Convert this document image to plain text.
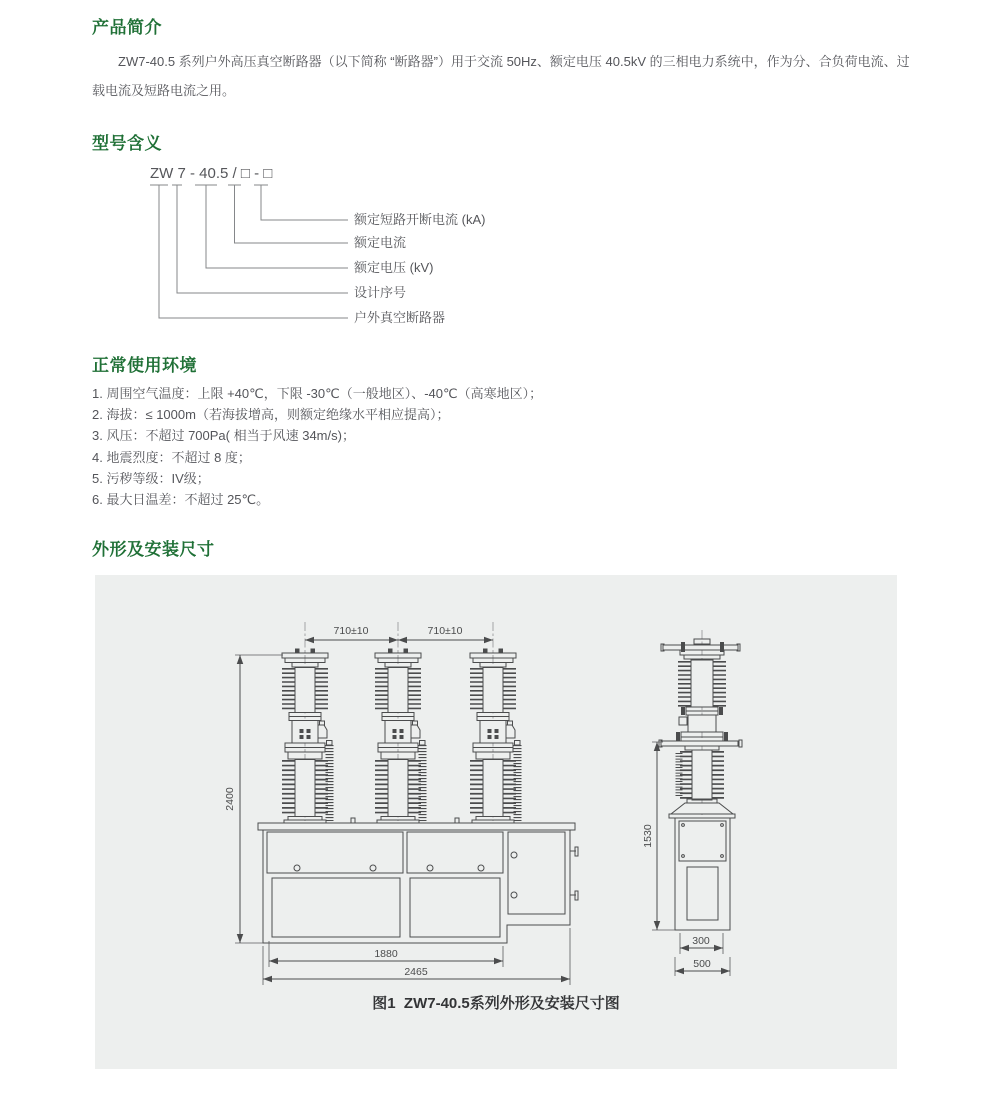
产品简介
ZW7-40.5 系列户外高压真空断路器（以下简称 “断路器”）用于交流 50Hz、额定电压 40.5kV 的三相电力系统中，作为分、合负荷电流、过载电流及短路电流之用。
型号含义
ZW 7 - 40.5 / □ - □
额定短路开断电流 (kA)
额定电流
额定电压 (kV)
设计序号
户外真空断路器
正常使用环境
1. 周围空气温度：上限 +40℃，下限 -30℃（一般地区）、-40℃（高寒地区）；
2. 海拔：≤ 1000m（若海拔增高，则额定绝缘水平相应提高）；
3. 风压：不超过 700Pa( 相当于风速 34m/s)；
4. 地震烈度：不超过 8 度；
5. 污秽等级：IV级；
6. 最大日温差：不超过 25℃。
外形及安装尺寸
710±10	710±10
2400
1880
2465
1530
300
500
图1  ZW7-40.5系列外形及安装尺寸图
